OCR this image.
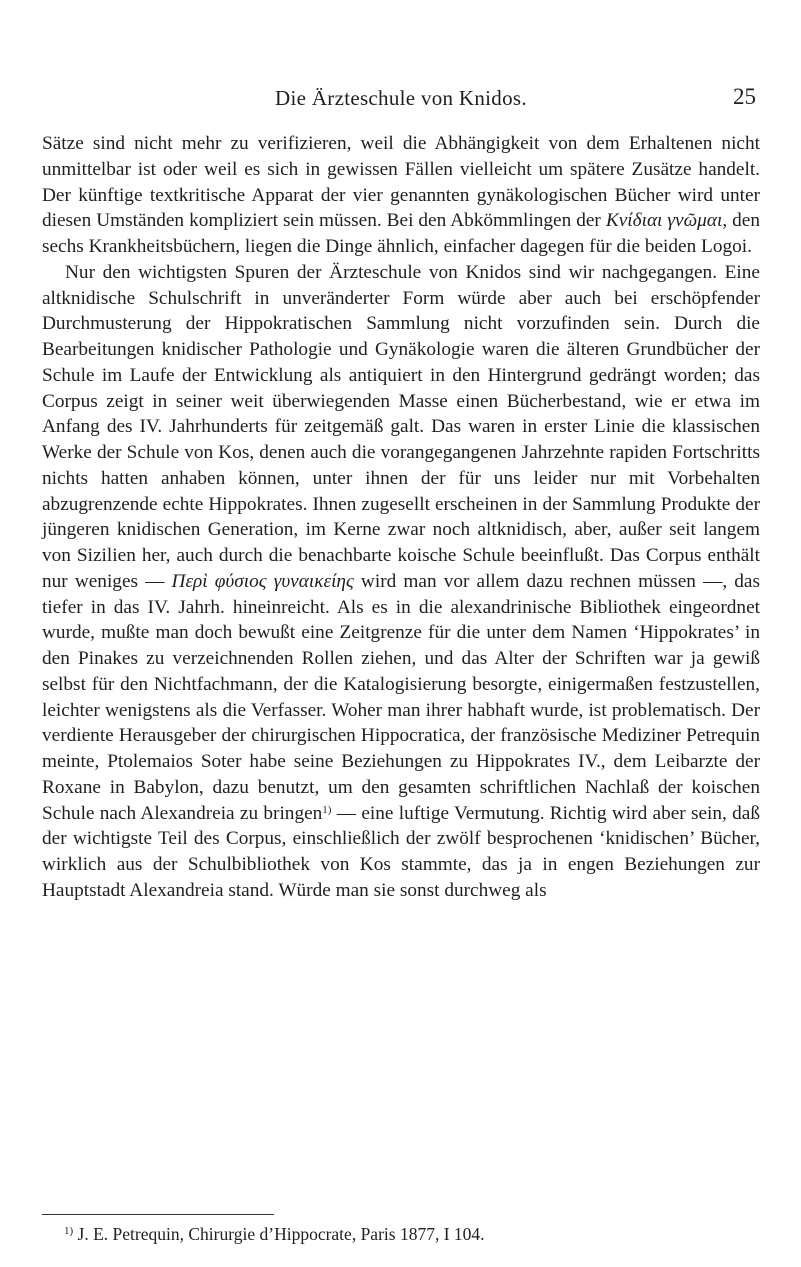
Die Ärzteschule von Knidos.	25

Sätze sind nicht mehr zu verifizieren, weil die Abhängigkeit von dem Erhaltenen nicht unmittelbar ist oder weil es sich in gewissen Fällen vielleicht um spätere Zusätze handelt. Der künftige textkritische Apparat der vier genannten gynäkologischen Bücher wird unter diesen Umständen kompliziert sein müssen. Bei den Abkömmlingen der Κνίδιαι γνῶμαι, den sechs Krankheitsbüchern, liegen die Dinge ähnlich, einfacher dagegen für die beiden Logoi.

Nur den wichtigsten Spuren der Ärzteschule von Knidos sind wir nachgegangen. Eine altknidische Schulschrift in unveränderter Form würde aber auch bei erschöpfender Durchmusterung der Hippokratischen Sammlung nicht vorzufinden sein. Durch die Bearbeitungen knidischer Pathologie und Gynäkologie waren die älteren Grundbücher der Schule im Laufe der Entwicklung als antiquiert in den Hintergrund gedrängt worden; das Corpus zeigt in seiner weit überwiegenden Masse einen Bücherbestand, wie er etwa im Anfang des IV. Jahrhunderts für zeitgemäß galt. Das waren in erster Linie die klassischen Werke der Schule von Kos, denen auch die vorangegangenen Jahrzehnte rapiden Fortschritts nichts hatten anhaben können, unter ihnen der für uns leider nur mit Vorbehalten abzugrenzende echte Hippokrates. Ihnen zugesellt erscheinen in der Sammlung Produkte der jüngeren knidischen Generation, im Kerne zwar noch altknidisch, aber, außer seit langem von Sizilien her, auch durch die benachbarte koische Schule beeinflußt. Das Corpus enthält nur weniges — Περὶ φύσιος γυναικείης wird man vor allem dazu rechnen müssen —, das tiefer in das IV. Jahrh. hineinreicht. Als es in die alexandrinische Bibliothek eingeordnet wurde, mußte man doch bewußt eine Zeitgrenze für die unter dem Namen ‘Hippokrates’ in den Pinakes zu verzeichnenden Rollen ziehen, und das Alter der Schriften war ja gewiß selbst für den Nichtfachmann, der die Katalogisierung besorgte, einigermaßen festzustellen, leichter wenigstens als die Verfasser. Woher man ihrer habhaft wurde, ist problematisch. Der verdiente Herausgeber der chirurgischen Hippocratica, der französische Mediziner Petrequin meinte, Ptolemaios Soter habe seine Beziehungen zu Hippokrates IV., dem Leibarzte der Roxane in Babylon, dazu benutzt, um den gesamten schriftlichen Nachlaß der koischen Schule nach Alexandreia zu bringen$^{1)}$ — eine luftige Vermutung. Richtig wird aber sein, daß der wichtigste Teil des Corpus, einschließlich der zwölf besprochenen ‘knidischen’ Bücher, wirklich aus der Schulbibliothek von Kos stammte, das ja in engen Beziehungen zur Hauptstadt Alexandreia stand. Würde man sie sonst durchweg als

$^{1)}$ J. E. Petrequin, Chirurgie d’Hippocrate, Paris 1877, I 104.
